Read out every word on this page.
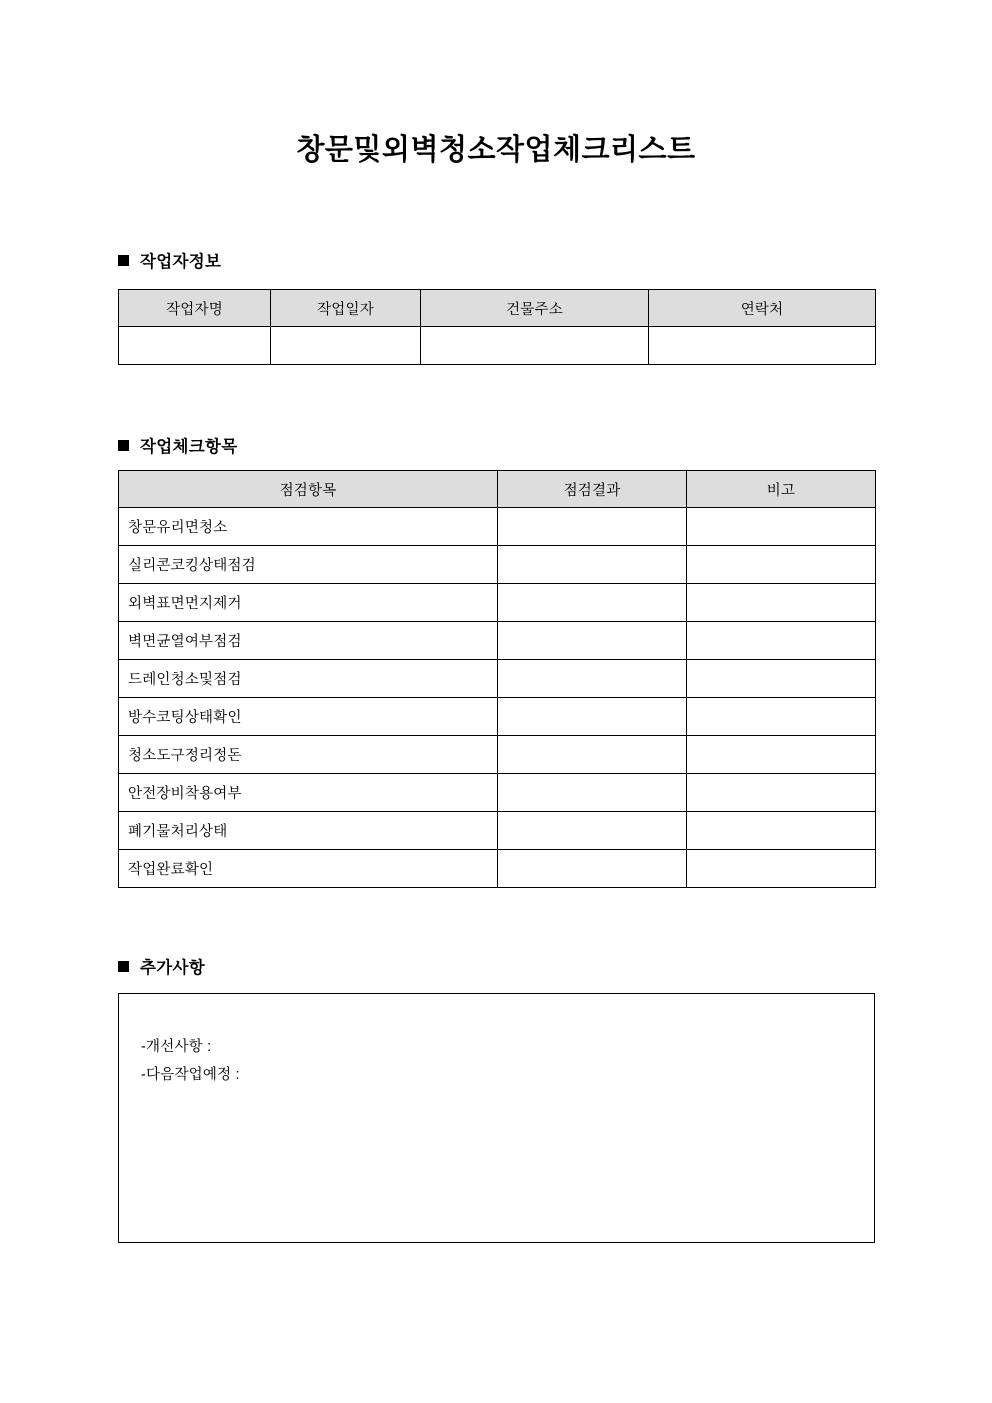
창문및외벽청소작업체크리스트
작업자정보
작업자명	작업일자	건물주소	연락처

작업체크항목
점검항목	점검결과	비고
창문유리면청소		
실리콘코킹상태점검		
외벽표면먼지제거		
벽면균열여부점검		
드레인청소및점검		
방수코팅상태확인		
청소도구정리정돈		
안전장비착용여부		
폐기물처리상태		
작업완료확인		
추가사항
-개선사항 :
-다음작업예정 :
